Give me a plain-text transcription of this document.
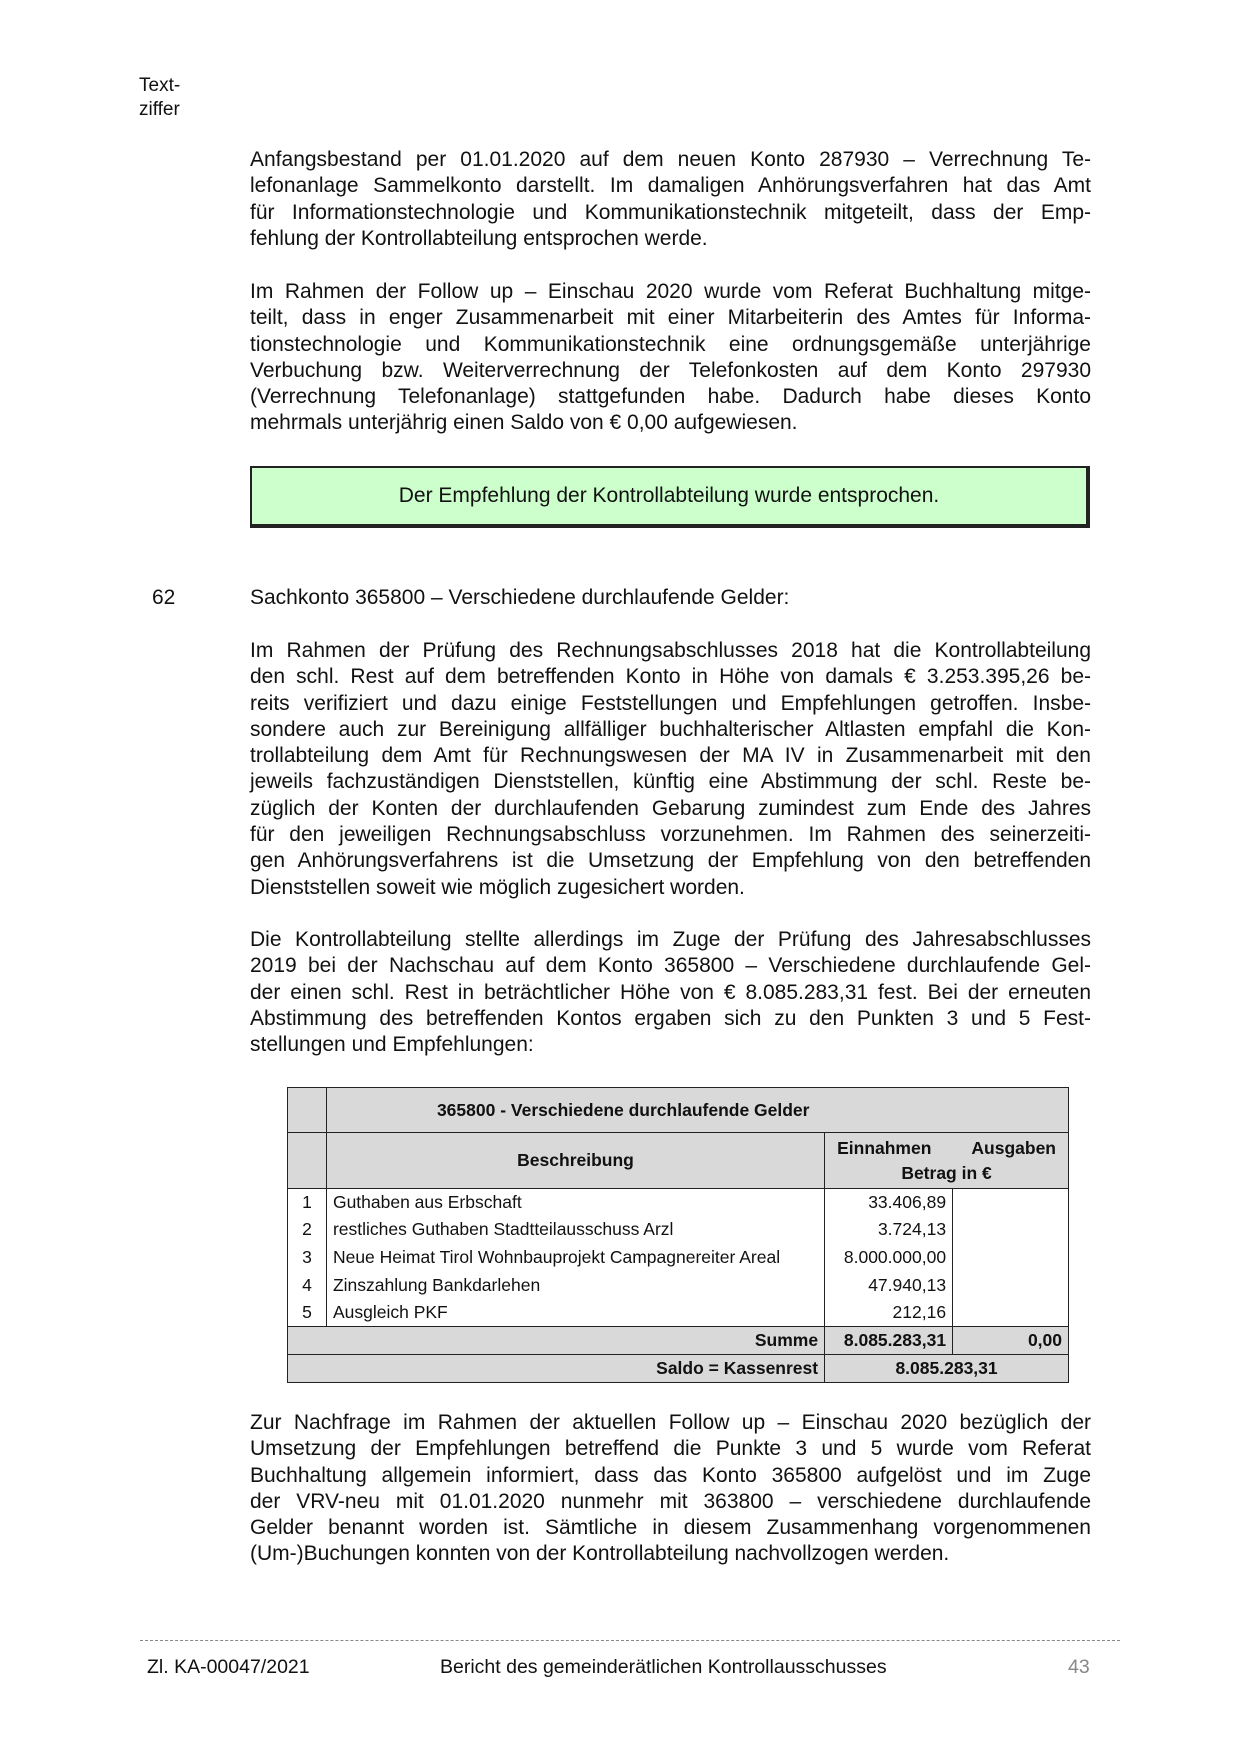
Text-
ziffer
Anfangsbestand per 01.01.2020 auf dem neuen Konto 287930 – Verrechnung Te-
lefonanlage Sammelkonto darstellt. Im damaligen Anhörungsverfahren hat das Amt
für Informationstechnologie und Kommunikationstechnik mitgeteilt, dass der Emp-
fehlung der Kontrollabteilung entsprochen werde.
Im Rahmen der Follow up – Einschau 2020 wurde vom Referat Buchhaltung mitge-
teilt, dass in enger Zusammenarbeit mit einer Mitarbeiterin des Amtes für Informa-
tionstechnologie und Kommunikationstechnik eine ordnungsgemäße unterjährige
Verbuchung bzw. Weiterverrechnung der Telefonkosten auf dem Konto 297930
(Verrechnung Telefonanlage) stattgefunden habe. Dadurch habe dieses Konto
mehrmals unterjährig einen Saldo von € 0,00 aufgewiesen.
Der Empfehlung der Kontrollabteilung wurde entsprochen.
62	Sachkonto 365800 – Verschiedene durchlaufende Gelder:
Im Rahmen der Prüfung des Rechnungsabschlusses 2018 hat die Kontrollabteilung
den schl. Rest auf dem betreffenden Konto in Höhe von damals € 3.253.395,26 be-
reits verifiziert und dazu einige Feststellungen und Empfehlungen getroffen. Insbe-
sondere auch zur Bereinigung allfälliger buchhalterischer Altlasten empfahl die Kon-
trollabteilung dem Amt für Rechnungswesen der MA IV in Zusammenarbeit mit den
jeweils fachzuständigen Dienststellen, künftig eine Abstimmung der schl. Reste be-
züglich der Konten der durchlaufenden Gebarung zumindest zum Ende des Jahres
für den jeweiligen Rechnungsabschluss vorzunehmen. Im Rahmen des seinerzeiti-
gen Anhörungsverfahrens ist die Umsetzung der Empfehlung von den betreffenden
Dienststellen soweit wie möglich zugesichert worden.
Die Kontrollabteilung stellte allerdings im Zuge der Prüfung des Jahresabschlusses
2019 bei der Nachschau auf dem Konto 365800 – Verschiedene durchlaufende Gel-
der einen schl. Rest in beträchtlicher Höhe von € 8.085.283,31 fest. Bei der erneuten
Abstimmung des betreffenden Kontos ergaben sich zu den Punkten 3 und 5 Fest-
stellungen und Empfehlungen:
	365800 - Verschiedene durchlaufende Gelder		
	Beschreibung	Einnahmen Ausgaben
Betrag in €	

1	Guthaben aus Erbschaft	33.406,89	
2	restliches Guthaben Stadtteilausschuss Arzl	3.724,13	
3	Neue Heimat Tirol Wohnbauprojekt Campagnereiter Areal	8.000.000,00	
4	Zinszahlung Bankdarlehen	47.940,13	
5	Ausgleich PKF	212,16	
Summe		8.085.283,31	0,00
Saldo = Kassenrest		8.085.283,31	
Zur Nachfrage im Rahmen der aktuellen Follow up – Einschau 2020 bezüglich der
Umsetzung der Empfehlungen betreffend die Punkte 3 und 5 wurde vom Referat
Buchhaltung allgemein informiert, dass das Konto 365800 aufgelöst und im Zuge
der VRV-neu mit 01.01.2020 nunmehr mit 363800 – verschiedene durchlaufende
Gelder benannt worden ist. Sämtliche in diesem Zusammenhang vorgenommenen
(Um-)Buchungen konnten von der Kontrollabteilung nachvollzogen werden.
Zl. KA-00047/2021	Bericht des gemeinderätlichen Kontrollausschusses	43
